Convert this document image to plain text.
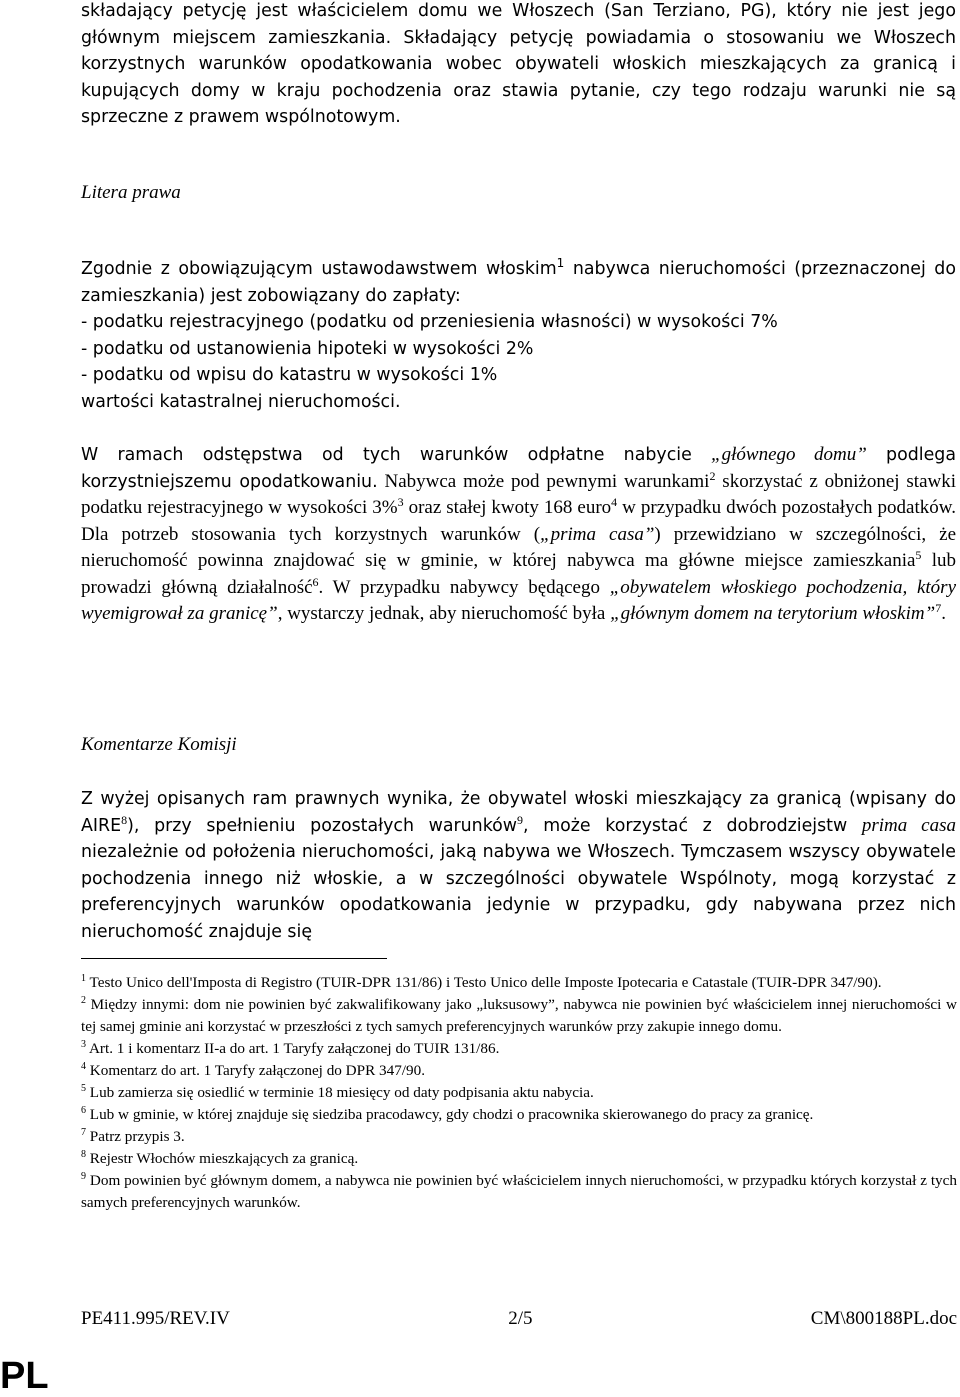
składający petycję jest właścicielem domu we Włoszech (San Terziano, PG), który nie jest jego głównym miejscem zamieszkania. Składający petycję powiadamia o stosowaniu we Włoszech korzystnych warunków opodatkowania wobec obywateli włoskich mieszkających za granicą i kupujących domy w kraju pochodzenia oraz stawia pytanie, czy tego rodzaju warunki nie są sprzeczne z prawem wspólnotowym.

Litera prawa

Zgodnie z obowiązującym ustawodawstwem włoskim$^1$ nabywca nieruchomości (przeznaczonej do zamieszkania) jest zobowiązany do zapłaty:

- podatku rejestracyjnego (podatku od przeniesienia własności) w wysokości 7%

- podatku od ustanowienia hipoteki w wysokości 2%

- podatku od wpisu do katastru w wysokości 1%

wartości katastralnej nieruchomości.

W ramach odstępstwa od tych warunków odpłatne nabycie „głównego domu” podlega korzystniejszemu opodatkowaniu. Nabywca może pod pewnymi warunkami$^2$ skorzystać z obniżonej stawki podatku rejestracyjnego w wysokości 3%$^3$ oraz stałej kwoty 168 euro$^4$ w przypadku dwóch pozostałych podatków. Dla potrzeb stosowania tych korzystnych warunków („prima casa”) przewidziano w szczególności, że nieruchomość powinna znajdować się w gminie, w której nabywca ma główne miejsce zamieszkania$^5$ lub prowadzi główną działalność$^6$. W przypadku nabywcy będącego „obywatelem włoskiego pochodzenia, który wyemigrował za granicę”, wystarczy jednak, aby nieruchomość była „głównym domem na terytorium włoskim”$^7$.

Komentarze Komisji

Z wyżej opisanych ram prawnych wynika, że obywatel włoski mieszkający za granicą (wpisany do AIRE$^8$), przy spełnieniu pozostałych warunków$^9$, może korzystać z dobrodziejstw prima casa niezależnie od położenia nieruchomości, jaką nabywa we Włoszech. Tymczasem wszyscy obywatele pochodzenia innego niż włoskie, a w szczególności obywatele Wspólnoty, mogą korzystać z preferencyjnych warunków opodatkowania jedynie w przypadku, gdy nabywana przez nich nieruchomość znajduje się

$^1$ Testo Unico dell'Imposta di Registro (TUIR-DPR 131/86) i Testo Unico delle Imposte Ipotecaria e Catastale (TUIR-DPR 347/90).

$^2$ Między innymi: dom nie powinien być zakwalifikowany jako „luksusowy”, nabywca nie powinien być właścicielem innej nieruchomości w tej samej gminie ani korzystać w przeszłości z tych samych preferencyjnych warunków przy zakupie innego domu.

$^3$ Art. 1 i komentarz II-a do art. 1 Taryfy załączonej do TUIR 131/86.

$^4$ Komentarz do art. 1 Taryfy załączonej do DPR 347/90.

$^5$ Lub zamierza się osiedlić w terminie 18 miesięcy od daty podpisania aktu nabycia.

$^6$ Lub w gminie, w której znajduje się siedziba pracodawcy, gdy chodzi o pracownika skierowanego do pracy za granicę.

$^7$ Patrz przypis 3.

$^8$ Rejestr Włochów mieszkających za granicą.

$^9$ Dom powinien być głównym domem, a nabywca nie powinien być właścicielem innych nieruchomości, w przypadku których korzystał z tych samych preferencyjnych warunków.

PE411.995/REV.IV	2/5	CM\800188PL.doc
PL
